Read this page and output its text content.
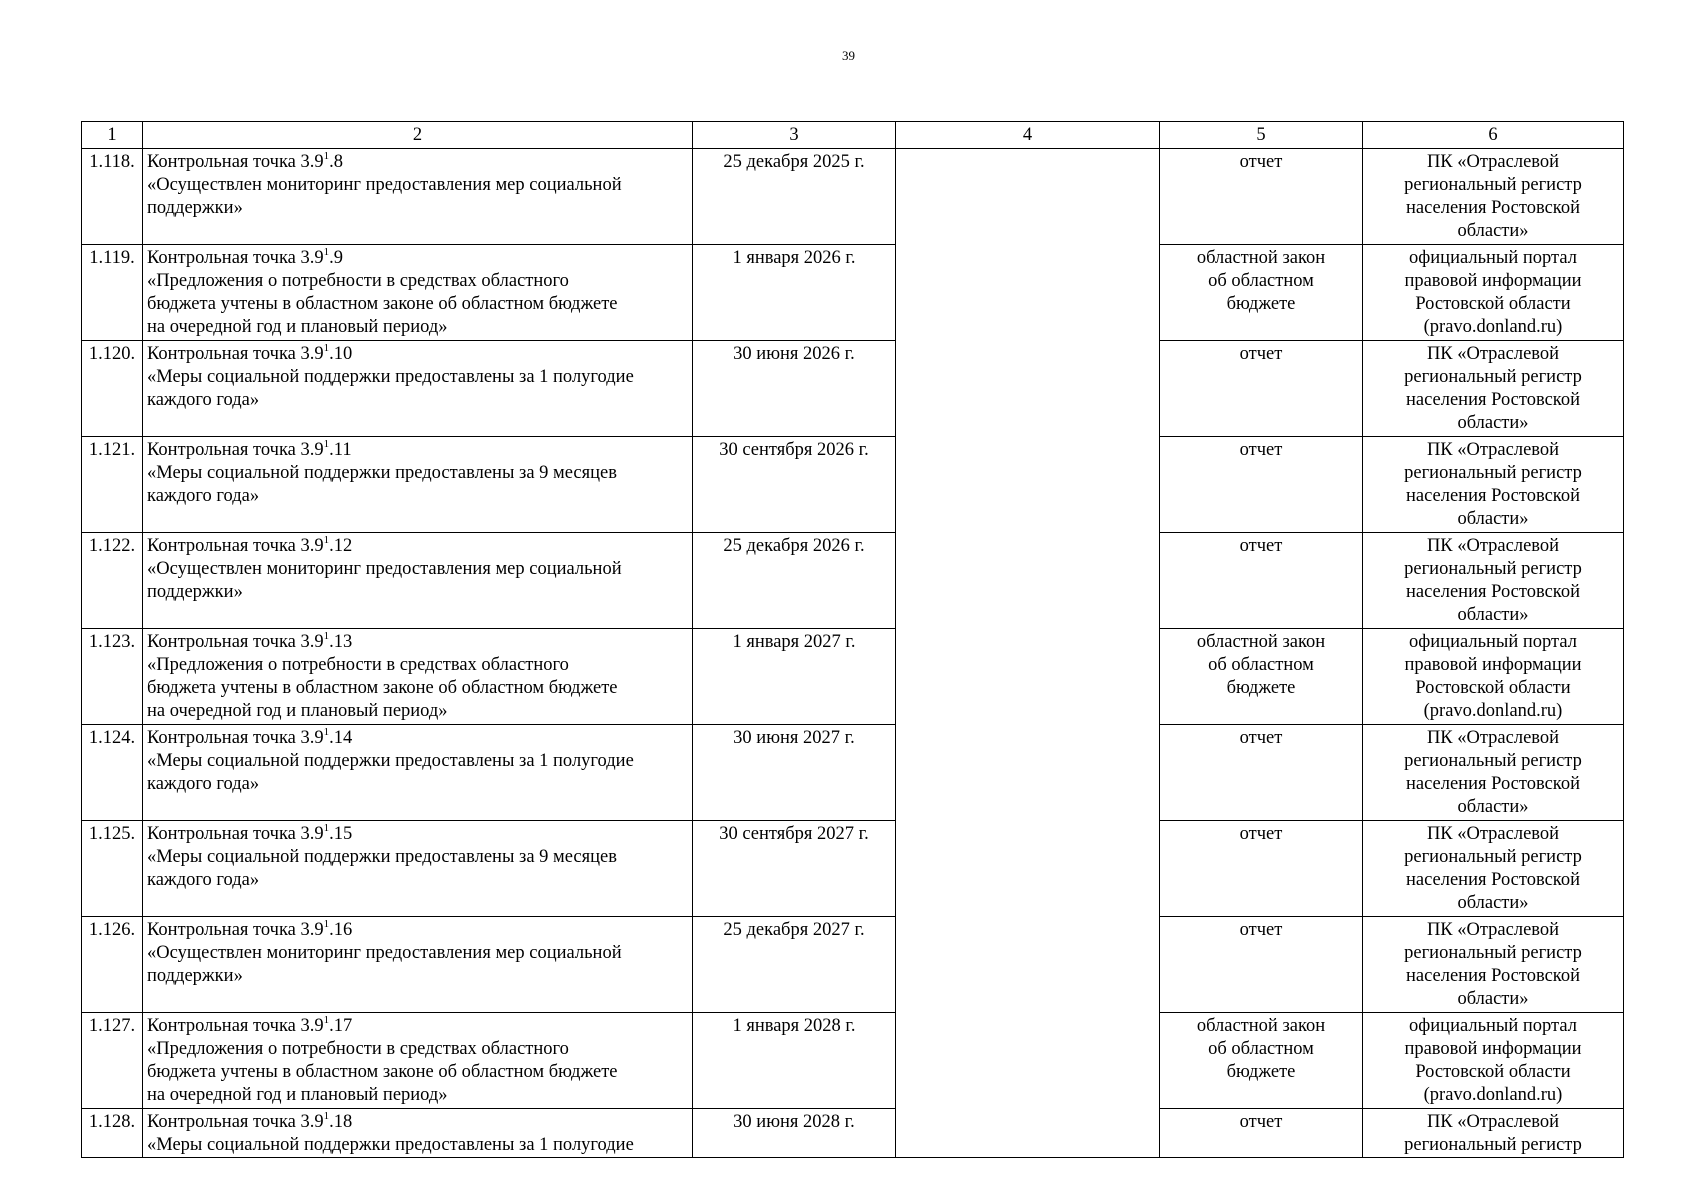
39
1	2	3	4	5	6
1.118.	Контрольная точка $3.9^1.8$
«Осуществлен мониторинг предоставления мер социальной
поддержки»	25 декабря 2025 г.		отчет	ПК «Отраслевой
региональный регистр
населения Ростовской
области»

1.119.	Контрольная точка $3.9^1.9$
«Предложения о потребности в средствах областного
бюджета учтены в областном законе об областном бюджете
на очередной год и плановый период»	1 января 2026 г.		областной закон
об областном
бюджете	официальный портал
правовой информации
Ростовской области
(pravo.donland.ru)

1.120.	Контрольная точка $3.9^1.10$
«Меры социальной поддержки предоставлены за 1 полугодие
каждого года»	30 июня 2026 г.		отчет	ПК «Отраслевой
региональный регистр
населения Ростовской
области»

1.121.	Контрольная точка $3.9^1.11$
«Меры социальной поддержки предоставлены за 9 месяцев
каждого года»	30 сентября 2026 г.		отчет	ПК «Отраслевой
региональный регистр
населения Ростовской
области»

1.122.	Контрольная точка $3.9^1.12$
«Осуществлен мониторинг предоставления мер социальной
поддержки»	25 декабря 2026 г.		отчет	ПК «Отраслевой
региональный регистр
населения Ростовской
области»

1.123.	Контрольная точка $3.9^1.13$
«Предложения о потребности в средствах областного
бюджета учтены в областном законе об областном бюджете
на очередной год и плановый период»	1 января 2027 г.		областной закон
об областном
бюджете	официальный портал
правовой информации
Ростовской области
(pravo.donland.ru)

1.124.	Контрольная точка $3.9^1.14$
«Меры социальной поддержки предоставлены за 1 полугодие
каждого года»	30 июня 2027 г.		отчет	ПК «Отраслевой
региональный регистр
населения Ростовской
области»

1.125.	Контрольная точка $3.9^1.15$
«Меры социальной поддержки предоставлены за 9 месяцев
каждого года»	30 сентября 2027 г.		отчет	ПК «Отраслевой
региональный регистр
населения Ростовской
области»

1.126.	Контрольная точка $3.9^1.16$
«Осуществлен мониторинг предоставления мер социальной
поддержки»	25 декабря 2027 г.		отчет	ПК «Отраслевой
региональный регистр
населения Ростовской
области»

1.127.	Контрольная точка $3.9^1.17$
«Предложения о потребности в средствах областного
бюджета учтены в областном законе об областном бюджете
на очередной год и плановый период»	1 января 2028 г.		областной закон
об областном
бюджете	официальный портал
правовой информации
Ростовской области
(pravo.donland.ru)

1.128.	Контрольная точка $3.9^1.18$
«Меры социальной поддержки предоставлены за 1 полугодие	30 июня 2028 г.		отчет	ПК «Отраслевой
региональный регистр
